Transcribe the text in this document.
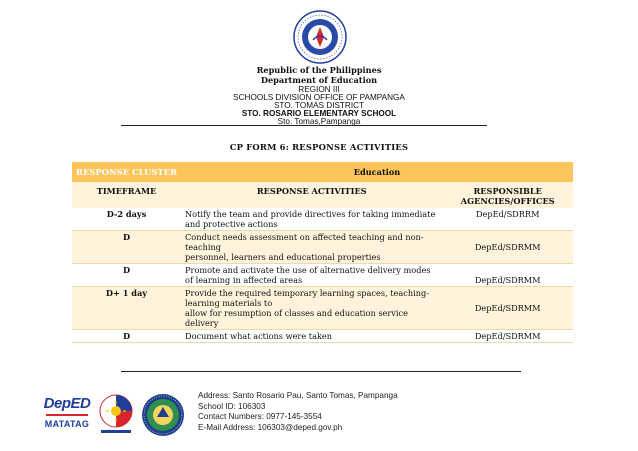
Republic of the Philippines
Department of Education
REGION III
SCHOOLS DIVISION OFFICE OF PAMPANGA
STO. TOMAS DISTRICT
STO. ROSARIO ELEMENTARY SCHOOL
Sto. Tomas,Pampanga
CP FORM 6: RESPONSE ACTIVITIES
RESPONSE CLUSTER	Education	
TIMEFRAME	RESPONSE ACTIVITIES	RESPONSIBLE
AGENCIES/OFFICES

D-2 days	Notify the team and provide directives for taking immediate
and protective actions	DepEd/SDRRM
D	Conduct needs assessment on affected teaching and non-
teaching
personnel, learners and educational properties	DepEd/SDRMM
D	Promote and activate the use of alternative delivery modes
of learning in affected areas	DepEd/SDRMM
D+ 1 day	Provide the required temporary learning spaces, teaching-
learning materials to
allow for resumption of classes and education service
delivery	DepEd/SDRMM
D	Document what actions were taken	DepEd/SDRMM
DepED
MATATAG
Address: Santo Rosario Pau, Santo Tomas, Pampanga
School ID: 106303
Contact Numbers: 0977-145-3554
E-Mail Address: 106303@deped.gov.ph
